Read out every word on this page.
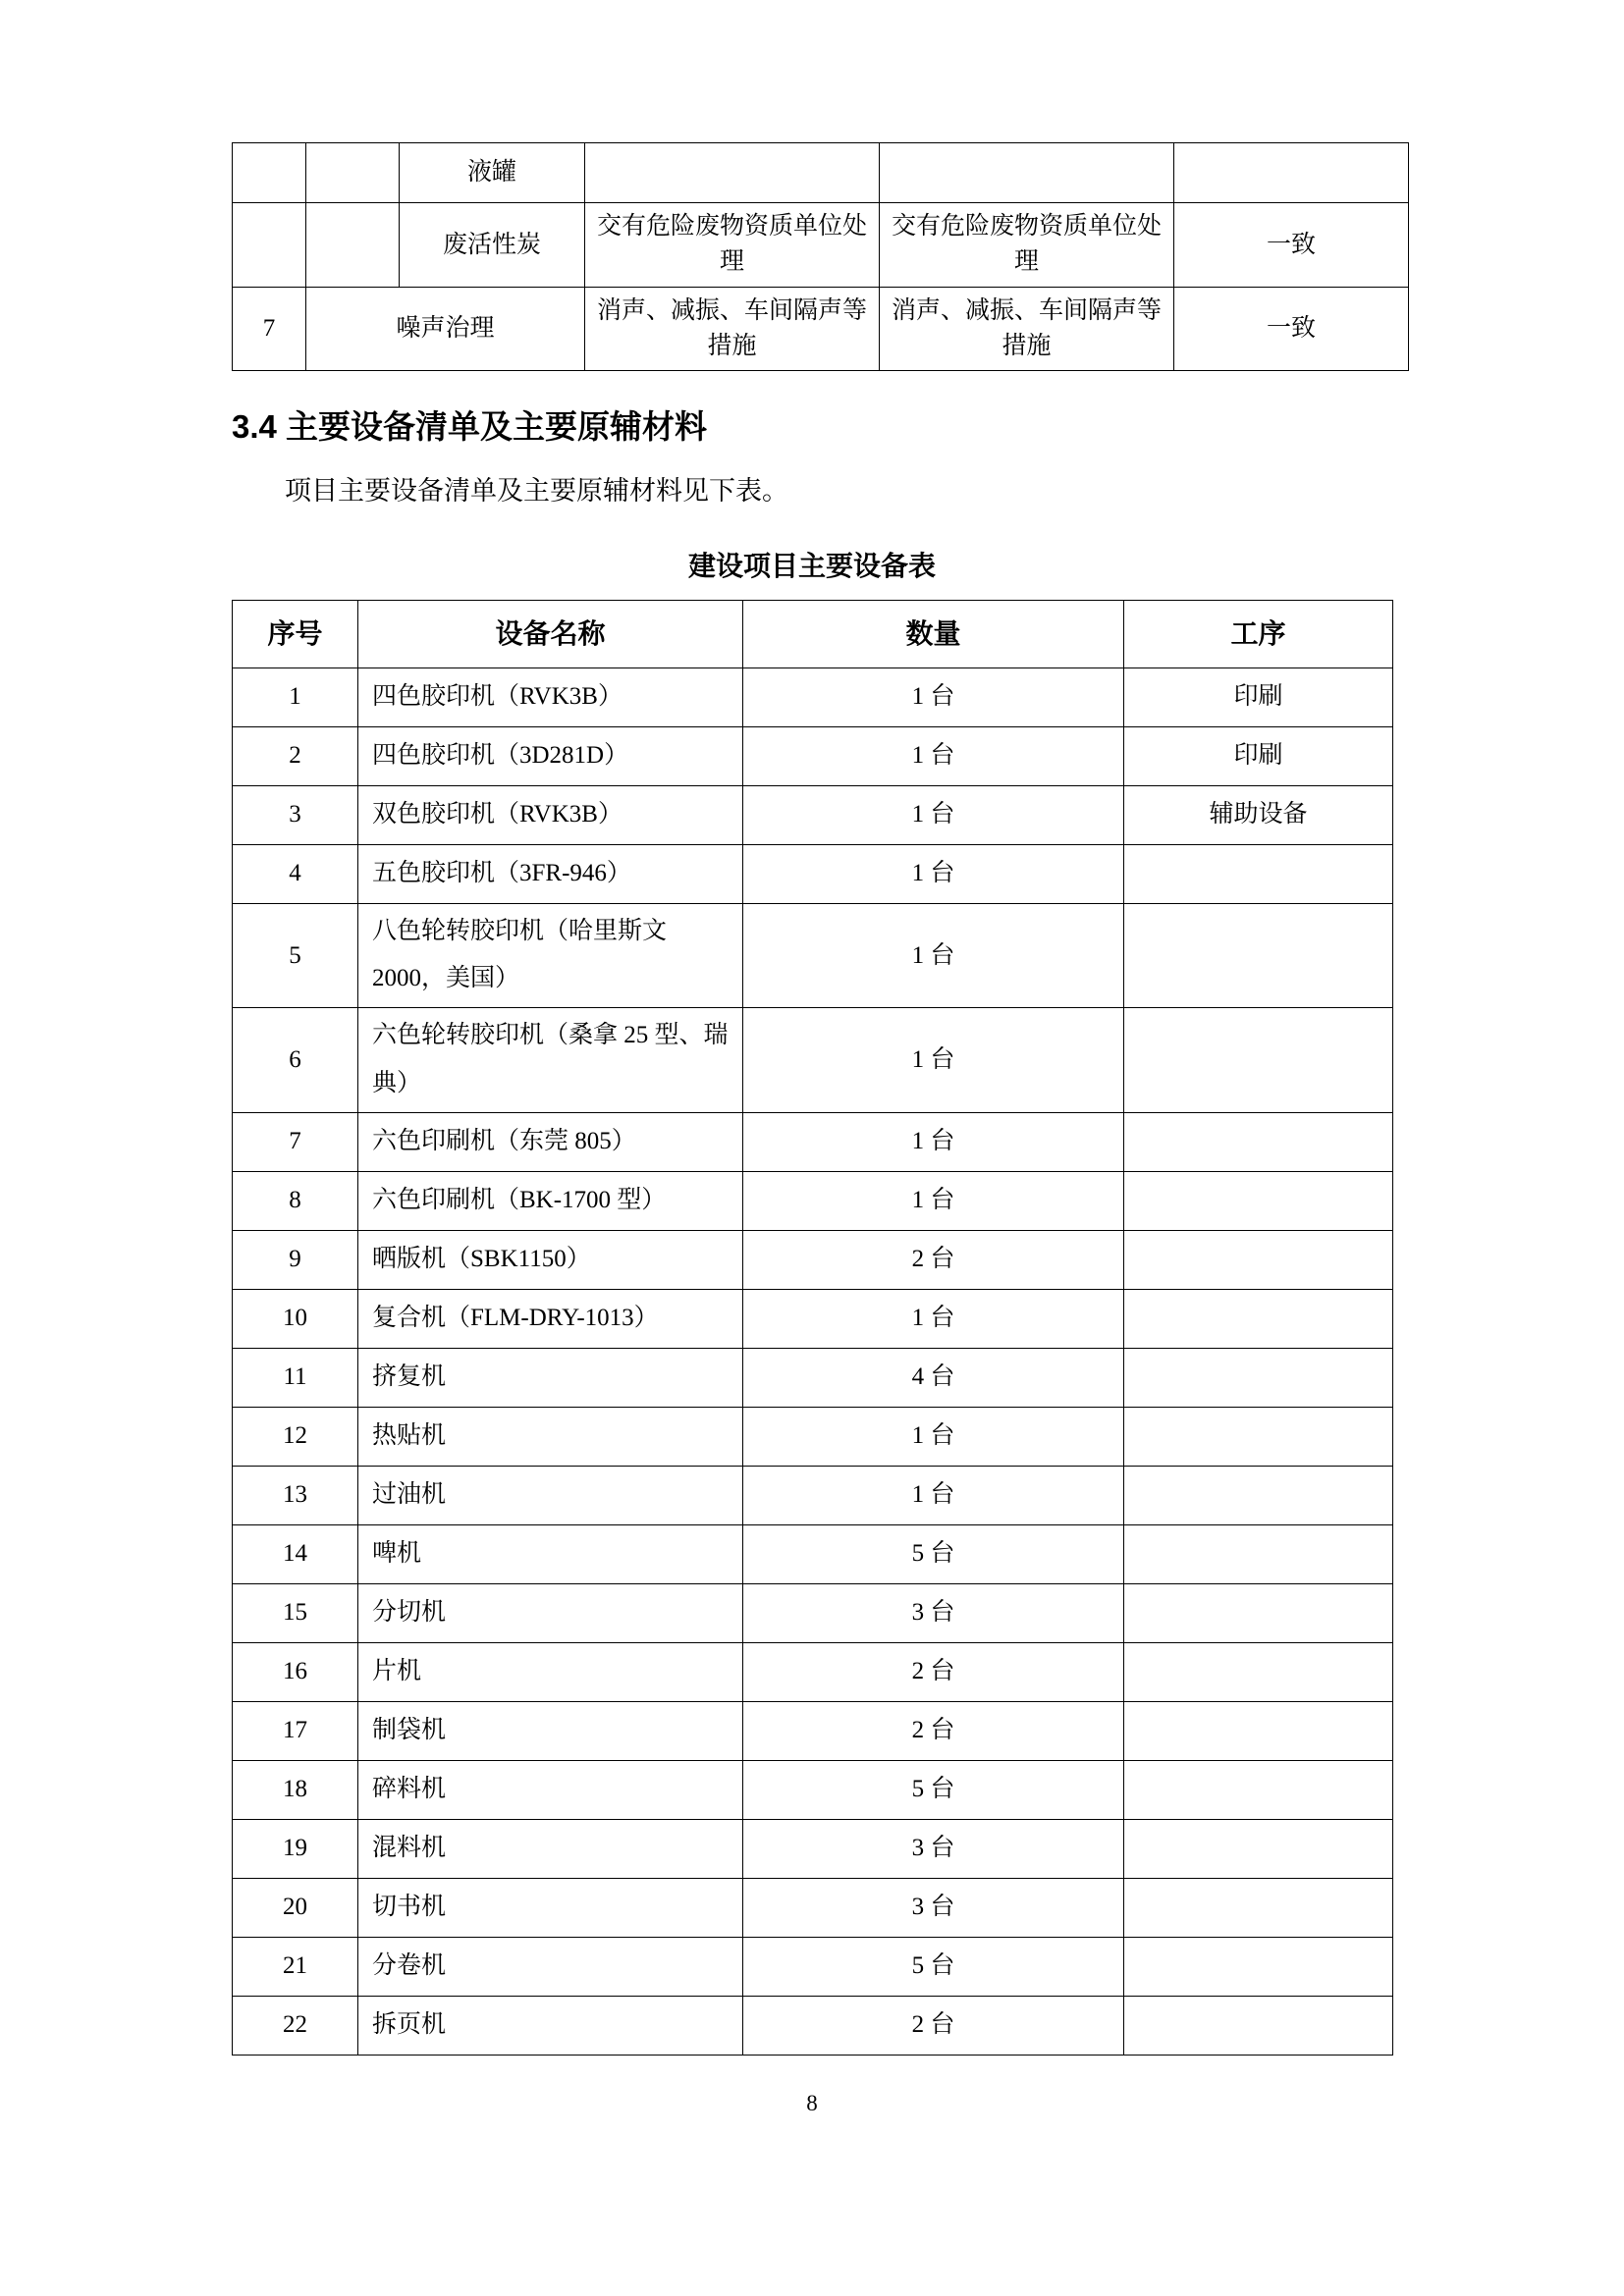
		液罐			
		废活性炭	交有危险废物资质单位处理	交有危险废物资质单位处理	一致
7	噪声治理		消声、减振、车间隔声等措施	消声、减振、车间隔声等措施	一致
3.4 主要设备清单及主要原辅材料

项目主要设备清单及主要原辅材料见下表。

建设项目主要设备表
序号	设备名称	数量	工序
1	四色胶印机（RVK3B）	1 台	印刷
2	四色胶印机（3D281D）	1 台	印刷
3	双色胶印机（RVK3B）	1 台	辅助设备
4	五色胶印机（3FR-946）	1 台	
5	八色轮转胶印机（哈里斯文 2000，美国）	1 台	
6	六色轮转胶印机（桑拿 25 型、瑞典）	1 台	
7	六色印刷机（东莞 805）	1 台	
8	六色印刷机（BK-1700 型）	1 台	
9	晒版机（SBK1150）	2 台	
10	复合机（FLM-DRY-1013）	1 台	
11	挤复机	4 台	
12	热贴机	1 台	
13	过油机	1 台	
14	啤机	5 台	
15	分切机	3 台	
16	片机	2 台	
17	制袋机	2 台	
18	碎料机	5 台	
19	混料机	3 台	
20	切书机	3 台	
21	分卷机	5 台	
22	拆页机	2 台	
8
